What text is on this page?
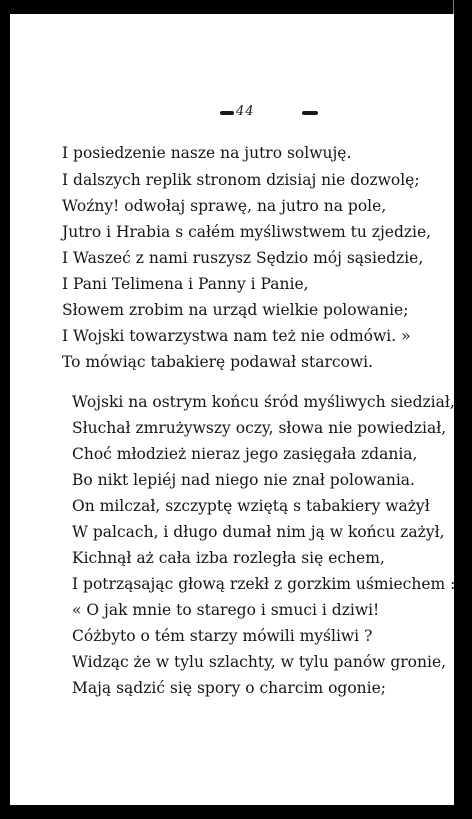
44
I posiedzenie nasze na jutro solwuję.
I dalszych replik stronom dzisiaj nie dozwolę;
Woźny! odwołaj sprawę, na jutro na pole,
Jutro i Hrabia s całém myśliwstwem tu zjedzie,
I Waszeć z nami ruszysz Sędzio mój sąsiedzie,
I Pani Telimena i Panny i Panie,
Słowem zrobim na urząd wielkie polowanie;
I Wojski towarzystwa nam też nie odmówi. »
To mówiąc tabakierę podawał starcowi.
Wojski na ostrym końcu śród myśliwych siedział,
Słuchał zmrużywszy oczy, słowa nie powiedział,
Choć młodzież nieraz jego zasięgała zdania,
Bo nikt lepiéj nad niego nie znał polowania.
On milczał, szczyptę wziętą s tabakiery ważył
W palcach, i długo dumał nim ją w końcu zażył,
Kichnął aż cała izba rozległa się echem,
I potrząsając głową rzekł z gorzkim uśmiechem :
« O jak mnie to starego i smuci i dziwi!
Cóżbyto o tém starzy mówili myśliwi ?
Widząc że w tylu szlachty, w tylu panów gronie,
Mają sądzić się spory o charcim ogonie;
